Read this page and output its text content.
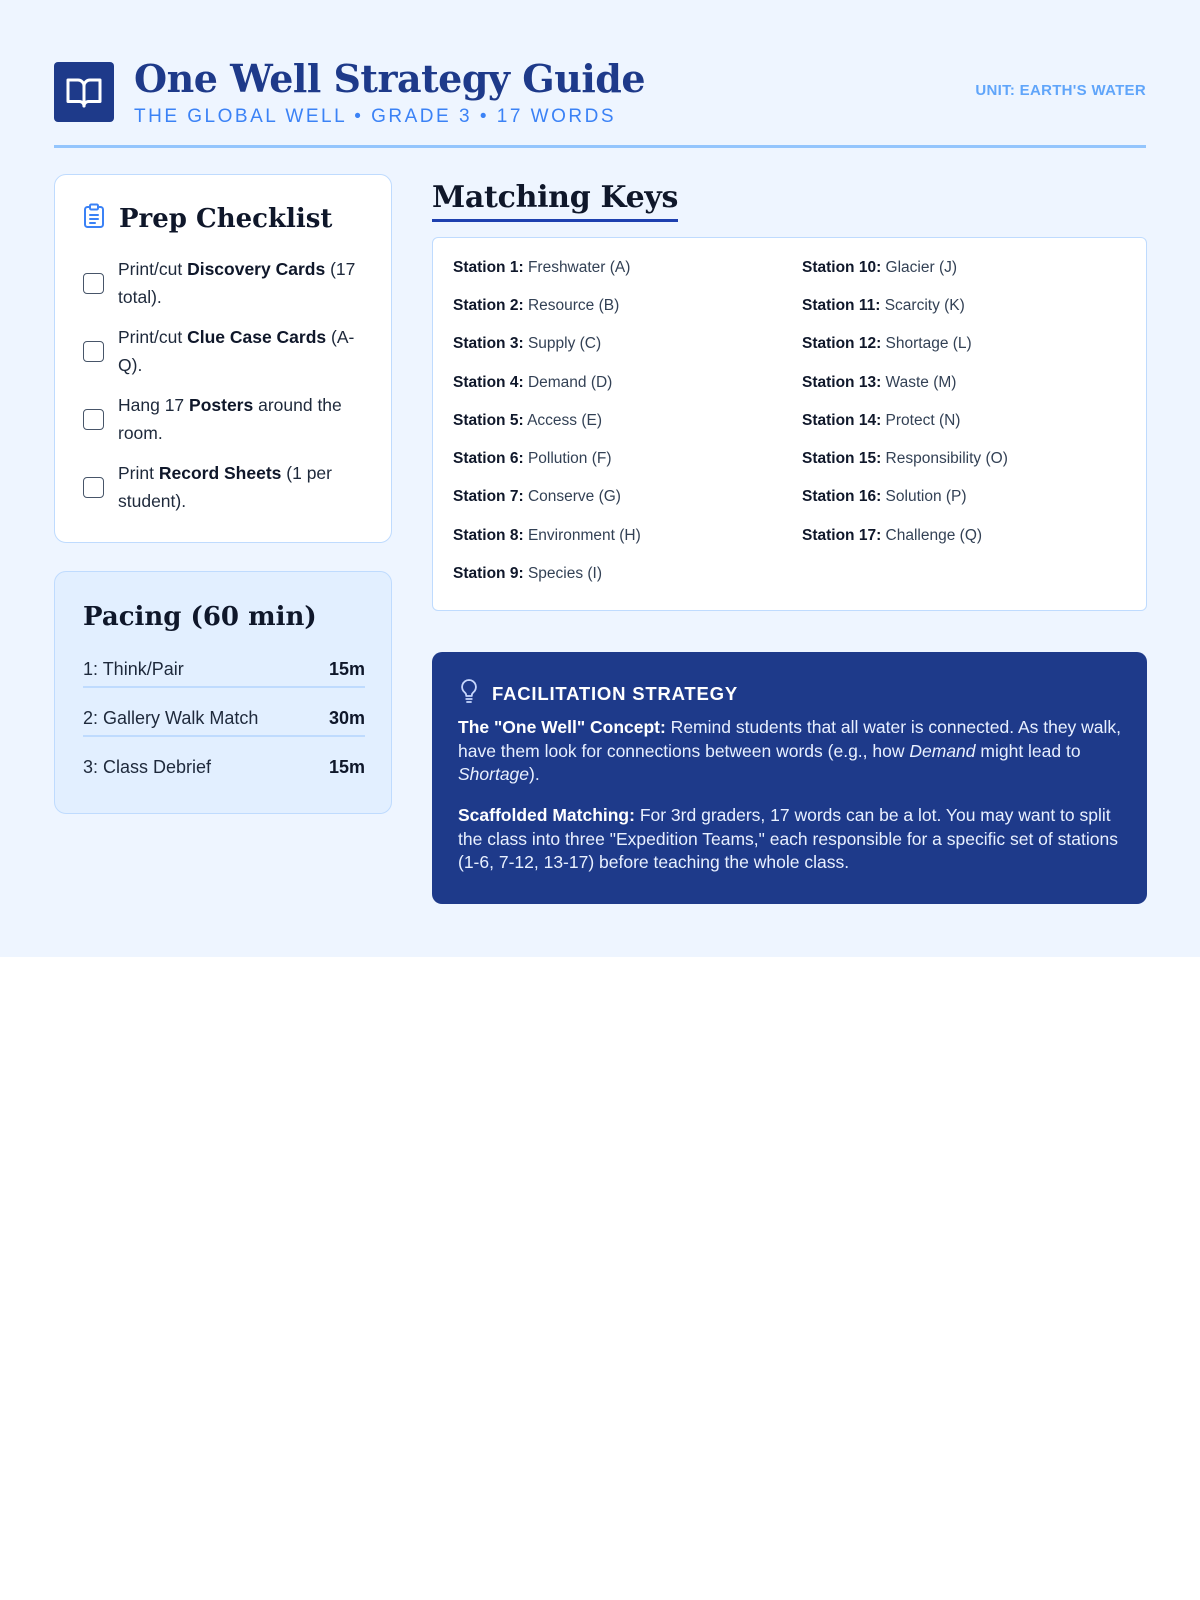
One Well Strategy Guide
THE GLOBAL WELL • GRADE 3 • 17 WORDS
UNIT: EARTH'S WATER
Prep Checklist
Print/cut Discovery Cards (17 total).
Print/cut Clue Case Cards (A-Q).
Hang 17 Posters around the room.
Print Record Sheets (1 per student).
Pacing (60 min)
1: Think/Pair	15m
2: Gallery Walk Match	30m
3: Class Debrief	15m
Matching Keys
Station 1: Freshwater (A)
Station 2: Resource (B)
Station 3: Supply (C)
Station 4: Demand (D)
Station 5: Access (E)
Station 6: Pollution (F)
Station 7: Conserve (G)
Station 8: Environment (H)
Station 9: Species (I)
Station 10: Glacier (J)
Station 11: Scarcity (K)
Station 12: Shortage (L)
Station 13: Waste (M)
Station 14: Protect (N)
Station 15: Responsibility (O)
Station 16: Solution (P)
Station 17: Challenge (Q)
FACILITATION STRATEGY

The "One Well" Concept: Remind students that all water is connected. As they walk, have them look for connections between words (e.g., how Demand might lead to Shortage).

Scaffolded Matching: For 3rd graders, 17 words can be a lot. You may want to split the class into three "Expedition Teams," each responsible for a specific set of stations (1-6, 7-12, 13-17) before teaching the whole class.
